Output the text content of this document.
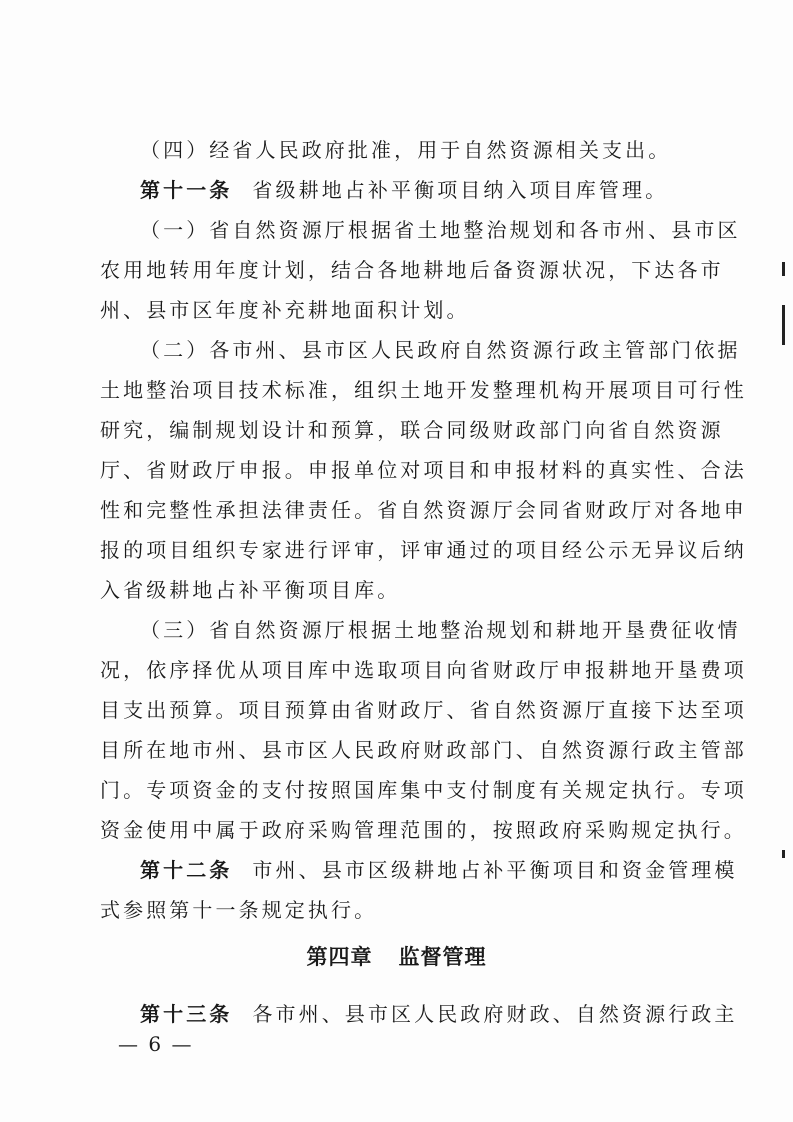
（四）经省人民政府批准，用于自然资源相关支出。
第十一条 省级耕地占补平衡项目纳入项目库管理。
（一）省自然资源厅根据省土地整治规划和各市州、县市区
农用地转用年度计划，结合各地耕地后备资源状况，下达各市
州、县市区年度补充耕地面积计划。
（二）各市州、县市区人民政府自然资源行政主管部门依据
土地整治项目技术标准，组织土地开发整理机构开展项目可行性
研究，编制规划设计和预算，联合同级财政部门向省自然资源
厅、省财政厅申报。申报单位对项目和申报材料的真实性、合法
性和完整性承担法律责任。省自然资源厅会同省财政厅对各地申
报的项目组织专家进行评审，评审通过的项目经公示无异议后纳
入省级耕地占补平衡项目库。
（三）省自然资源厅根据土地整治规划和耕地开垦费征收情
况，依序择优从项目库中选取项目向省财政厅申报耕地开垦费项
目支出预算。项目预算由省财政厅、省自然资源厅直接下达至项
目所在地市州、县市区人民政府财政部门、自然资源行政主管部
门。专项资金的支付按照国库集中支付制度有关规定执行。专项
资金使用中属于政府采购管理范围的，按照政府采购规定执行。
第十二条 市州、县市区级耕地占补平衡项目和资金管理模
式参照第十一条规定执行。
第四章 监督管理
第十三条 各市州、县市区人民政府财政、自然资源行政主
— 6 —
